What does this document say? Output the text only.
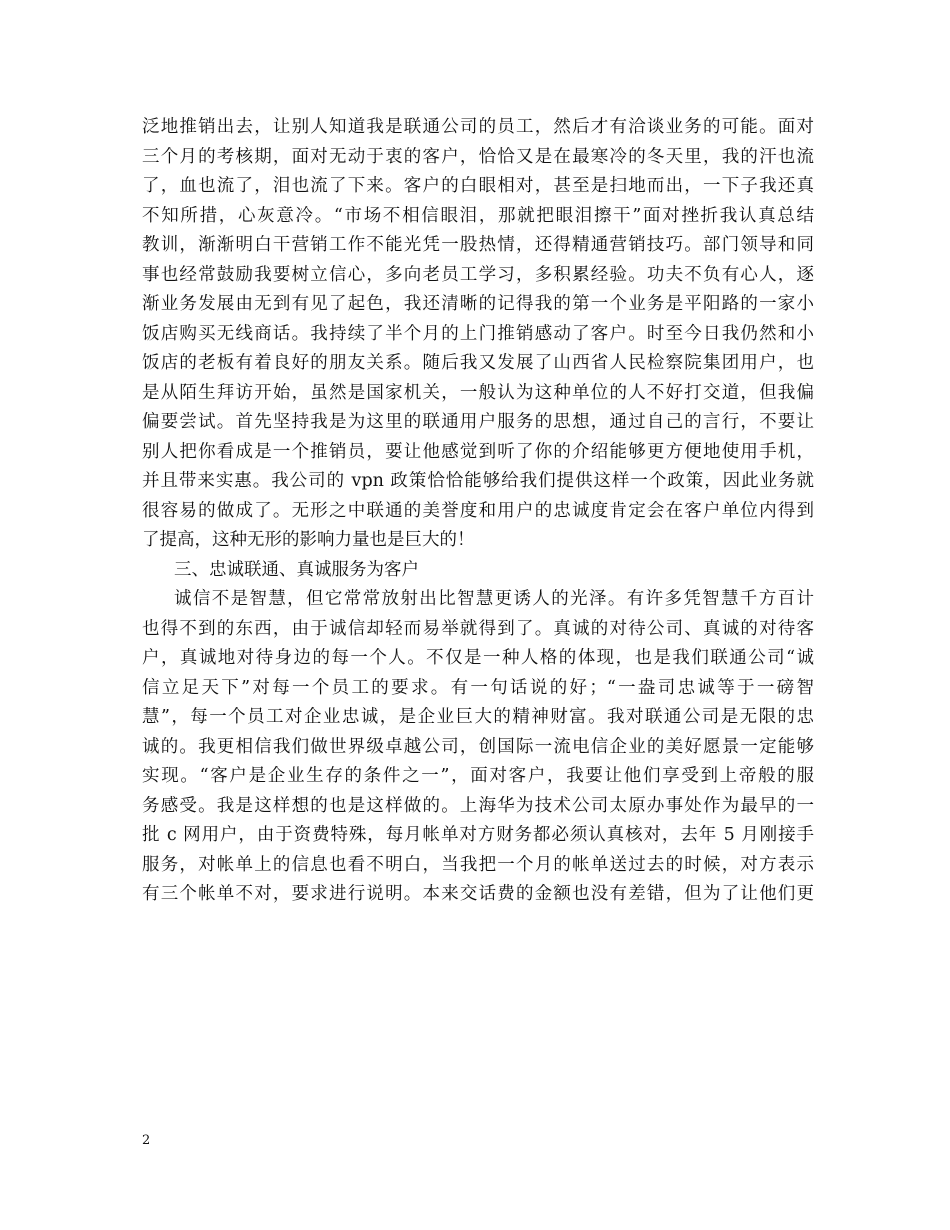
泛地推销出去，让别人知道我是联通公司的员工，然后才有洽谈业务的可能。面对
三个月的考核期，面对无动于衷的客户，恰恰又是在最寒冷的冬天里，我的汗也流
了，血也流了，泪也流了下来。客户的白眼相对，甚至是扫地而出，一下子我还真
不知所措，心灰意冷。“市场不相信眼泪，那就把眼泪擦干”面对挫折我认真总结
教训，渐渐明白干营销工作不能光凭一股热情，还得精通营销技巧。部门领导和同
事也经常鼓励我要树立信心，多向老员工学习，多积累经验。功夫不负有心人，逐
渐业务发展由无到有见了起色，我还清晰的记得我的第一个业务是平阳路的一家小
饭店购买无线商话。我持续了半个月的上门推销感动了客户。时至今日我仍然和小
饭店的老板有着良好的朋友关系。随后我又发展了山西省人民检察院集团用户，也
是从陌生拜访开始，虽然是国家机关，一般认为这种单位的人不好打交道，但我偏
偏要尝试。首先坚持我是为这里的联通用户服务的思想，通过自己的言行，不要让
别人把你看成是一个推销员，要让他感觉到听了你的介绍能够更方便地使用手机，
并且带来实惠。我公司的 vpn 政策恰恰能够给我们提供这样一个政策，因此业务就
很容易的做成了。无形之中联通的美誉度和用户的忠诚度肯定会在客户单位内得到
了提高，这种无形的影响力量也是巨大的！
三、忠诚联通、真诚服务为客户
诚信不是智慧，但它常常放射出比智慧更诱人的光泽。有许多凭智慧千方百计
也得不到的东西，由于诚信却轻而易举就得到了。真诚的对待公司、真诚的对待客
户，真诚地对待身边的每一个人。不仅是一种人格的体现，也是我们联通公司“诚
信立足天下”对每一个员工的要求。有一句话说的好；“一盎司忠诚等于一磅智
慧”，每一个员工对企业忠诚，是企业巨大的精神财富。我对联通公司是无限的忠
诚的。我更相信我们做世界级卓越公司，创国际一流电信企业的美好愿景一定能够
实现。“客户是企业生存的条件之一”，面对客户，我要让他们享受到上帝般的服
务感受。我是这样想的也是这样做的。上海华为技术公司太原办事处作为最早的一
批 c 网用户，由于资费特殊，每月帐单对方财务都必须认真核对，去年 5 月刚接手
服务，对帐单上的信息也看不明白，当我把一个月的帐单送过去的时候，对方表示
有三个帐单不对，要求进行说明。本来交话费的金额也没有差错，但为了让他们更
2
